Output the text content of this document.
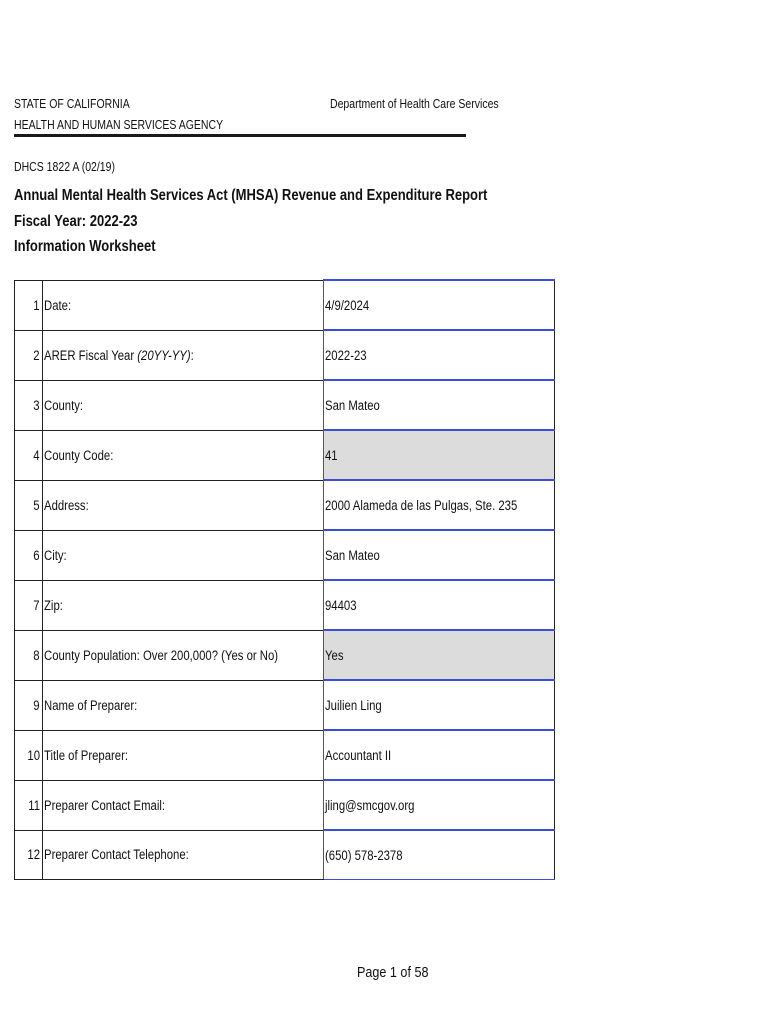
STATE OF CALIFORNIA
HEALTH AND HUMAN SERVICES AGENCY
Department of Health Care Services
DHCS 1822 A (02/19)
Annual Mental Health Services Act (MHSA) Revenue and Expenditure Report
Fiscal Year: 2022-23
Information Worksheet
1	Date:	4/9/2024
2	ARER Fiscal Year (20YY-YY):	2022-23
3	County:	San Mateo
4	County Code:	41
5	Address:	2000 Alameda de las Pulgas, Ste. 235
6	City:	San Mateo
7	Zip:	94403
8	County Population: Over 200,000? (Yes or No)	Yes
9	Name of Preparer:	Juilien Ling
10	Title of Preparer:	Accountant II
11	Preparer Contact Email:	jling@smcgov.org
12	Preparer Contact Telephone:	(650) 578-2378
Page 1 of 58
